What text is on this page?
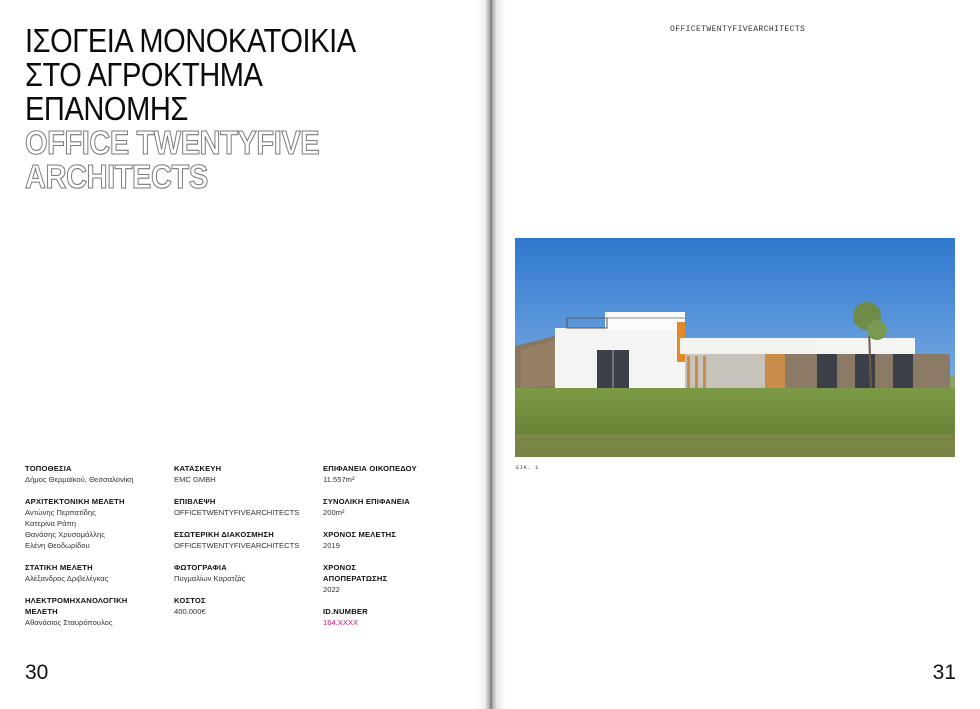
ΙΣΟΓΕΙΑ ΜΟΝΟΚΑΤΟΙΚΙΑ
ΣΤΟ ΑΓΡΟΚΤΗΜΑ
ΕΠΑΝΟΜΗΣ
OFFICE TWENTYFIVE
ARCHITECTS
ΤΟΠΟΘΕΣΙΑ
Δήμος Θερμαϊκού, Θεσσαλονίκη
ΑΡΧΙΤΕΚΤΟΝΙΚΗ ΜΕΛΕΤΗ
Αντώνης Περπατίδης
Κατερίνα Ράπη
Θανάσης Χρυσομάλλης
Ελένη Θεοδωρίδου
ΣΤΑΤΙΚΗ ΜΕΛΕΤΗ
Αλέξανδρος Δριβελέγκας
ΗΛΕΚΤΡΟΜΗΧΑΝΟΛΟΓΙΚΗ
ΜΕΛΕΤΗ
Αθανάσιος Σταυρόπουλος
ΚΑΤΑΣΚΕΥΗ
EMC GMBH
ΕΠΙΒΛΕΨΗ
OFFICETWENTYFIVEARCHITECTS
ΕΣΩΤΕΡΙΚΗ ΔΙΑΚΟΣΜΗΣΗ
OFFICETWENTYFIVEARCHITECTS
ΦΩΤΟΓΡΑΦΙΑ
Πυγμαλίων Καρατζάς
ΚΟΣΤΟΣ
400.000€
ΕΠΙΦΑΝΕΙΑ ΟΙΚΟΠΕΔΟΥ
11.557m²
ΣΥΝΟΛΙΚΗ ΕΠΙΦΑΝΕΙΑ
200m²
ΧΡΟΝΟΣ ΜΕΛΕΤΗΣ
2019
ΧΡΟΝΟΣ
ΑΠΟΠΕΡΑΤΩΣΗΣ
2022
ID.NUMBER
164.XXXX
30
OFFICETWENTYFIVEARCHITECTS
ΕΙΚ. 1
31
